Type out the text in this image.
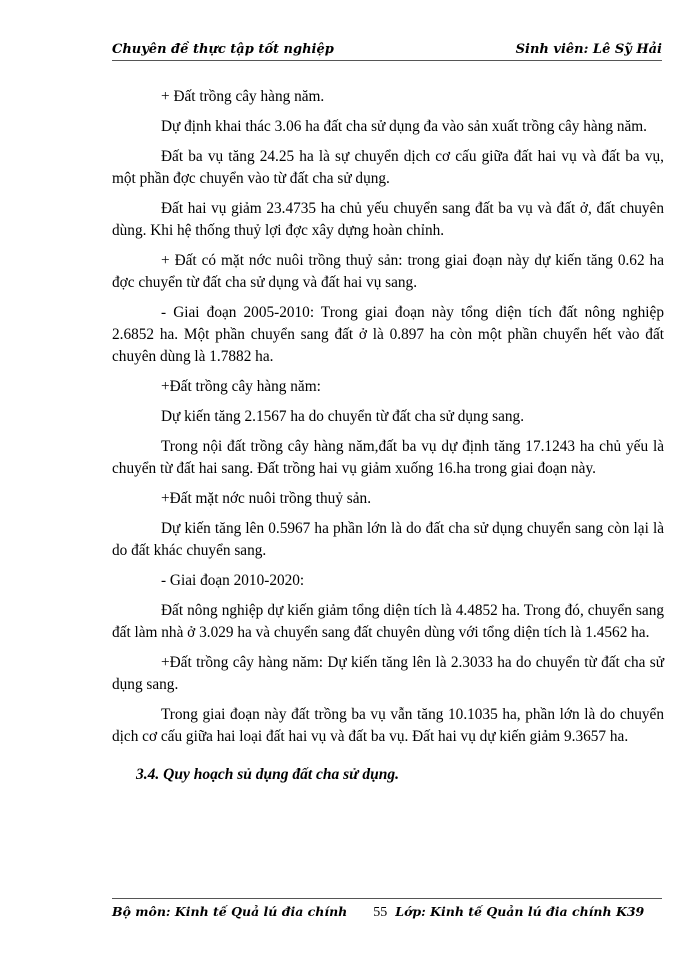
Chuyên đề thực tập tốt nghiệp	Sinh viên: Lê Sỹ Hải

+ Đất trồng cây hàng năm.

Dự định khai thác 3.06 ha đất cha sử dụng đa vào sản xuất trồng cây hàng năm.

Đất ba vụ tăng 24.25 ha là sự chuyển dịch cơ cấu giữa đất hai vụ và đất ba vụ, một phần đợc chuyển vào từ đất cha sử dụng.

Đất hai vụ giảm 23.4735 ha chủ yếu chuyển sang đất ba vụ và đất ở, đất chuyên dùng. Khi hệ thống thuỷ lợi đợc xây dựng hoàn chỉnh.

+ Đất có mặt nớc nuôi trồng thuỷ sản: trong giai đoạn này dự kiến tăng 0.62 ha đợc chuyển từ đất cha sử dụng và đất hai vụ sang.

- Giai đoạn 2005-2010: Trong giai đoạn này tổng diện tích đất nông nghiệp 2.6852 ha. Một phần chuyển sang đất ở là 0.897 ha còn một phần chuyển hết vào đất chuyên dùng là 1.7882 ha.

+Đất trồng cây hàng năm:

Dự kiến tăng 2.1567 ha do chuyển từ đất cha sử dụng sang.

Trong nội đất trồng cây hàng năm,đất ba vụ dự định tăng 17.1243 ha chủ yếu là chuyển từ đất hai sang. Đất trồng hai vụ giảm xuống 16.ha trong giai đoạn này.

+Đất mặt nớc nuôi trồng thuỷ sản.

Dự kiến tăng lên 0.5967 ha phần lớn là do đất cha sử dụng chuyển sang còn lại là do đất khác chuyển sang.

- Giai đoạn 2010-2020:

Đất nông nghiệp dự kiến giảm tổng diện tích là 4.4852 ha. Trong đó, chuyển sang đất làm nhà ở 3.029 ha và chuyển sang đất chuyên dùng với tổng diện tích là 1.4562 ha.

+Đất trồng cây hàng năm: Dự kiến tăng lên là 2.3033 ha do chuyển từ đất cha sử dụng sang.

Trong giai đoạn này đất trồng ba vụ vẫn tăng 10.1035 ha, phần lớn là do chuyển dịch cơ cấu giữa hai loại đất hai vụ và đất ba vụ. Đất hai vụ dự kiến giảm 9.3657 ha.

3.4. Quy hoạch sủ dụng đất cha sử dụng.

Bộ môn: Kinh tế Quả lú đia chính 55 Lớp: Kinh tế Quản lú đia chính K39
